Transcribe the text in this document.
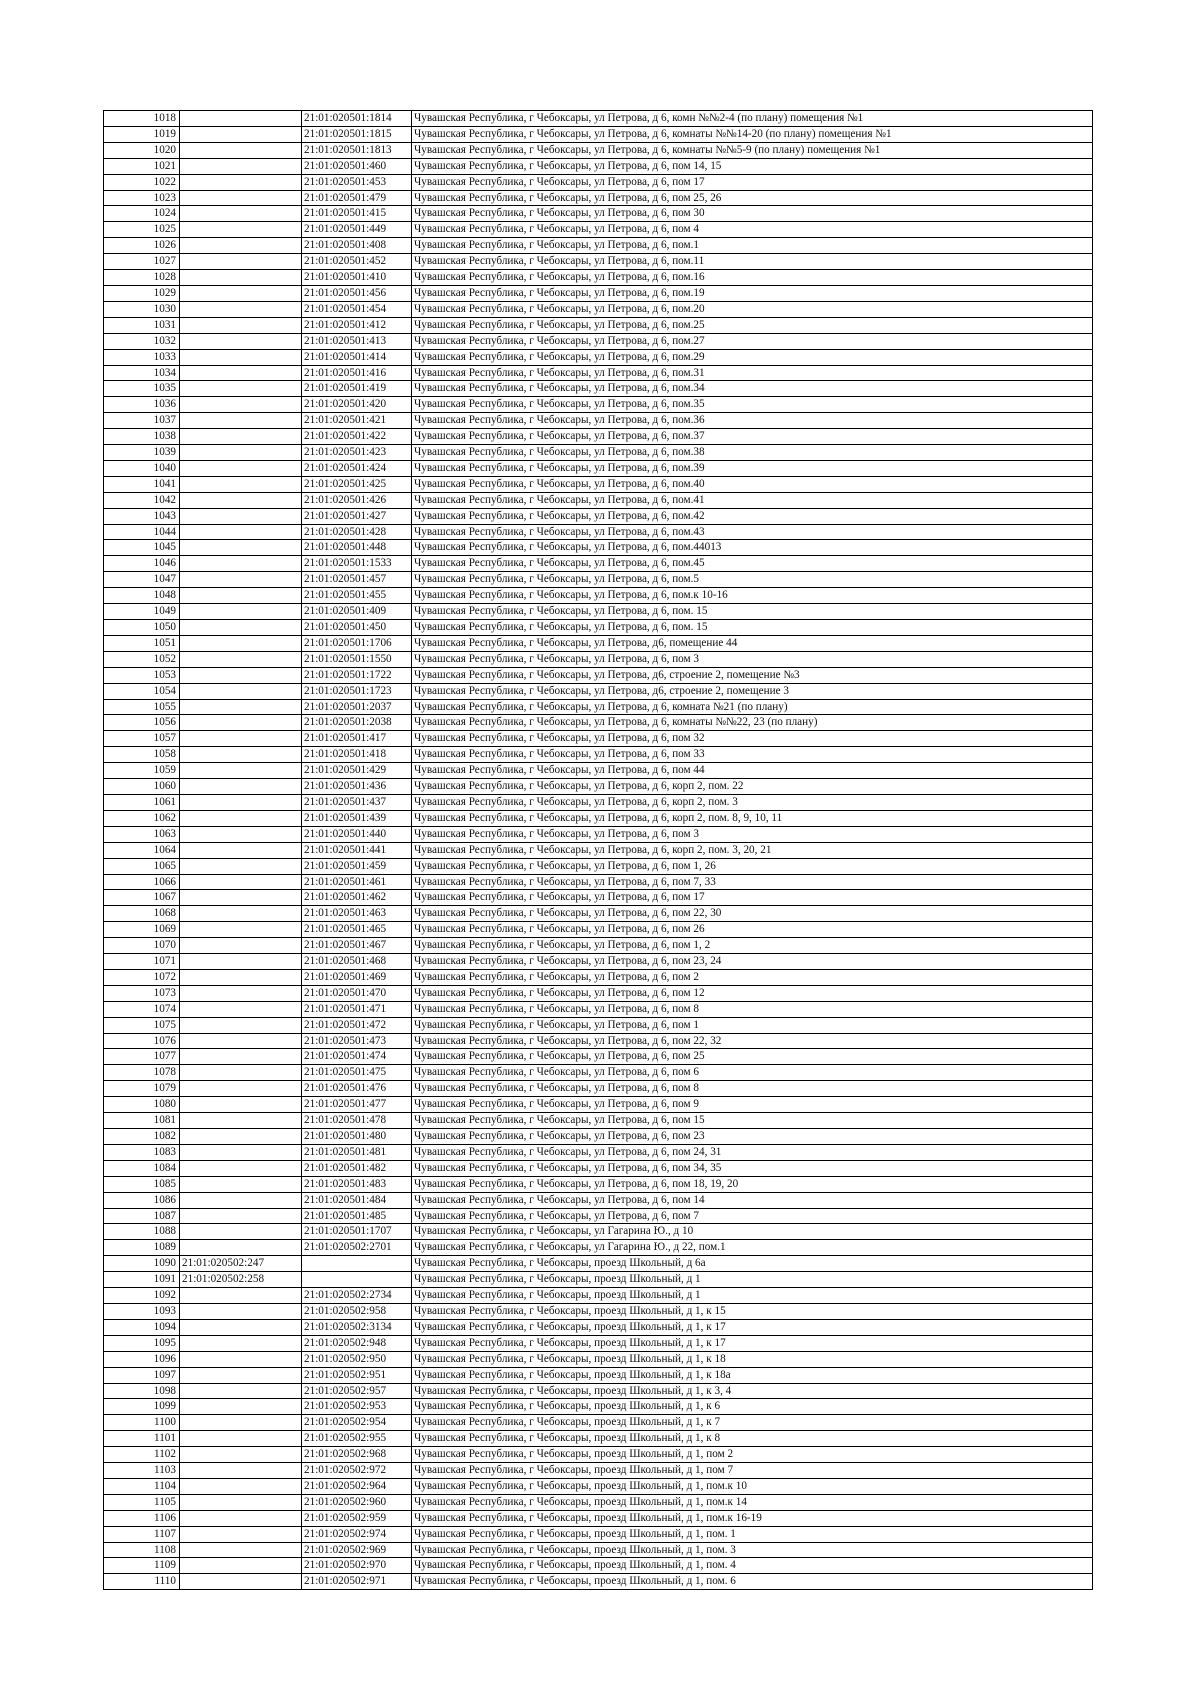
1018		21:01:020501:1814	Чувашская Республика, г Чебоксары, ул Петрова, д 6, комн №№2-4 (по плану) помещения №1
1019		21:01:020501:1815	Чувашская Республика, г Чебоксары, ул Петрова, д 6, комнаты №№14-20 (по плану) помещения №1
1020		21:01:020501:1813	Чувашская Республика, г Чебоксары, ул Петрова, д 6, комнаты №№5-9 (по плану) помещения №1
1021		21:01:020501:460	Чувашская Республика, г Чебоксары, ул Петрова, д 6, пом 14, 15
1022		21:01:020501:453	Чувашская Республика, г Чебоксары, ул Петрова, д 6, пом 17
1023		21:01:020501:479	Чувашская Республика, г Чебоксары, ул Петрова, д 6, пом 25, 26
1024		21:01:020501:415	Чувашская Республика, г Чебоксары, ул Петрова, д 6, пом 30
1025		21:01:020501:449	Чувашская Республика, г Чебоксары, ул Петрова, д 6, пом 4
1026		21:01:020501:408	Чувашская Республика, г Чебоксары, ул Петрова, д 6, пом.1
1027		21:01:020501:452	Чувашская Республика, г Чебоксары, ул Петрова, д 6, пом.11
1028		21:01:020501:410	Чувашская Республика, г Чебоксары, ул Петрова, д 6, пом.16
1029		21:01:020501:456	Чувашская Республика, г Чебоксары, ул Петрова, д 6, пом.19
1030		21:01:020501:454	Чувашская Республика, г Чебоксары, ул Петрова, д 6, пом.20
1031		21:01:020501:412	Чувашская Республика, г Чебоксары, ул Петрова, д 6, пом.25
1032		21:01:020501:413	Чувашская Республика, г Чебоксары, ул Петрова, д 6, пом.27
1033		21:01:020501:414	Чувашская Республика, г Чебоксары, ул Петрова, д 6, пом.29
1034		21:01:020501:416	Чувашская Республика, г Чебоксары, ул Петрова, д 6, пом.31
1035		21:01:020501:419	Чувашская Республика, г Чебоксары, ул Петрова, д 6, пом.34
1036		21:01:020501:420	Чувашская Республика, г Чебоксары, ул Петрова, д 6, пом.35
1037		21:01:020501:421	Чувашская Республика, г Чебоксары, ул Петрова, д 6, пом.36
1038		21:01:020501:422	Чувашская Республика, г Чебоксары, ул Петрова, д 6, пом.37
1039		21:01:020501:423	Чувашская Республика, г Чебоксары, ул Петрова, д 6, пом.38
1040		21:01:020501:424	Чувашская Республика, г Чебоксары, ул Петрова, д 6, пом.39
1041		21:01:020501:425	Чувашская Республика, г Чебоксары, ул Петрова, д 6, пом.40
1042		21:01:020501:426	Чувашская Республика, г Чебоксары, ул Петрова, д 6, пом.41
1043		21:01:020501:427	Чувашская Республика, г Чебоксары, ул Петрова, д 6, пом.42
1044		21:01:020501:428	Чувашская Республика, г Чебоксары, ул Петрова, д 6, пом.43
1045		21:01:020501:448	Чувашская Республика, г Чебоксары, ул Петрова, д 6, пом.44013
1046		21:01:020501:1533	Чувашская Республика, г Чебоксары, ул Петрова, д 6, пом.45
1047		21:01:020501:457	Чувашская Республика, г Чебоксары, ул Петрова, д 6, пом.5
1048		21:01:020501:455	Чувашская Республика, г Чебоксары, ул Петрова, д 6, пом.к 10-16
1049		21:01:020501:409	Чувашская Республика, г Чебоксары, ул Петрова, д 6, пом. 15
1050		21:01:020501:450	Чувашская Республика, г Чебоксары, ул Петрова, д 6, пом. 15
1051		21:01:020501:1706	Чувашская Республика, г Чебоксары, ул Петрова, д6, помещение 44
1052		21:01:020501:1550	Чувашская Республика, г Чебоксары, ул Петрова, д 6, пом 3
1053		21:01:020501:1722	Чувашская Республика, г Чебоксары, ул Петрова, д6, строение 2, помещение №3
1054		21:01:020501:1723	Чувашская Республика, г Чебоксары, ул Петрова, д6, строение 2, помещение 3
1055		21:01:020501:2037	Чувашская Республика, г Чебоксары, ул Петрова, д 6, комната №21 (по плану)
1056		21:01:020501:2038	Чувашская Республика, г Чебоксары, ул Петрова, д 6, комнаты №№22, 23 (по плану)
1057		21:01:020501:417	Чувашская Республика, г Чебоксары, ул Петрова, д 6, пом 32
1058		21:01:020501:418	Чувашская Республика, г Чебоксары, ул Петрова, д 6, пом 33
1059		21:01:020501:429	Чувашская Республика, г Чебоксары, ул Петрова, д 6, пом 44
1060		21:01:020501:436	Чувашская Республика, г Чебоксары, ул Петрова, д 6, корп 2, пом. 22
1061		21:01:020501:437	Чувашская Республика, г Чебоксары, ул Петрова, д 6, корп 2, пом. 3
1062		21:01:020501:439	Чувашская Республика, г Чебоксары, ул Петрова, д 6, корп 2, пом. 8, 9, 10, 11
1063		21:01:020501:440	Чувашская Республика, г Чебоксары, ул Петрова, д 6, пом 3
1064		21:01:020501:441	Чувашская Республика, г Чебоксары, ул Петрова, д 6, корп 2, пом. 3, 20, 21
1065		21:01:020501:459	Чувашская Республика, г Чебоксары, ул Петрова, д 6, пом 1, 26
1066		21:01:020501:461	Чувашская Республика, г Чебоксары, ул Петрова, д 6, пом 7, 33
1067		21:01:020501:462	Чувашская Республика, г Чебоксары, ул Петрова, д 6, пом 17
1068		21:01:020501:463	Чувашская Республика, г Чебоксары, ул Петрова, д 6, пом 22, 30
1069		21:01:020501:465	Чувашская Республика, г Чебоксары, ул Петрова, д 6, пом 26
1070		21:01:020501:467	Чувашская Республика, г Чебоксары, ул Петрова, д 6, пом 1, 2
1071		21:01:020501:468	Чувашская Республика, г Чебоксары, ул Петрова, д 6, пом 23, 24
1072		21:01:020501:469	Чувашская Республика, г Чебоксары, ул Петрова, д 6, пом 2
1073		21:01:020501:470	Чувашская Республика, г Чебоксары, ул Петрова, д 6, пом 12
1074		21:01:020501:471	Чувашская Республика, г Чебоксары, ул Петрова, д 6, пом 8
1075		21:01:020501:472	Чувашская Республика, г Чебоксары, ул Петрова, д 6, пом 1
1076		21:01:020501:473	Чувашская Республика, г Чебоксары, ул Петрова, д 6, пом 22, 32
1077		21:01:020501:474	Чувашская Республика, г Чебоксары, ул Петрова, д 6, пом 25
1078		21:01:020501:475	Чувашская Республика, г Чебоксары, ул Петрова, д 6, пом 6
1079		21:01:020501:476	Чувашская Республика, г Чебоксары, ул Петрова, д 6, пом 8
1080		21:01:020501:477	Чувашская Республика, г Чебоксары, ул Петрова, д 6, пом 9
1081		21:01:020501:478	Чувашская Республика, г Чебоксары, ул Петрова, д 6, пом 15
1082		21:01:020501:480	Чувашская Республика, г Чебоксары, ул Петрова, д 6, пом 23
1083		21:01:020501:481	Чувашская Республика, г Чебоксары, ул Петрова, д 6, пом 24, 31
1084		21:01:020501:482	Чувашская Республика, г Чебоксары, ул Петрова, д 6, пом 34, 35
1085		21:01:020501:483	Чувашская Республика, г Чебоксары, ул Петрова, д 6, пом 18, 19, 20
1086		21:01:020501:484	Чувашская Республика, г Чебоксары, ул Петрова, д 6, пом 14
1087		21:01:020501:485	Чувашская Республика, г Чебоксары, ул Петрова, д 6, пом 7
1088		21:01:020501:1707	Чувашская Республика, г Чебоксары, ул Гагарина Ю., д 10
1089		21:01:020502:2701	Чувашская Республика, г Чебоксары, ул Гагарина Ю., д 22, пом.1
1090	21:01:020502:247		Чувашская Республика, г Чебоксары, проезд Школьный, д 6а
1091	21:01:020502:258		Чувашская Республика, г Чебоксары, проезд Школьный, д 1
1092		21:01:020502:2734	Чувашская Республика, г Чебоксары, проезд Школьный, д 1
1093		21:01:020502:958	Чувашская Республика, г Чебоксары, проезд Школьный, д 1, к 15
1094		21:01:020502:3134	Чувашская Республика, г Чебоксары, проезд Школьный, д 1, к 17
1095		21:01:020502:948	Чувашская Республика, г Чебоксары, проезд Школьный, д 1, к 17
1096		21:01:020502:950	Чувашская Республика, г Чебоксары, проезд Школьный, д 1, к 18
1097		21:01:020502:951	Чувашская Республика, г Чебоксары, проезд Школьный, д 1, к 18а
1098		21:01:020502:957	Чувашская Республика, г Чебоксары, проезд Школьный, д 1, к 3, 4
1099		21:01:020502:953	Чувашская Республика, г Чебоксары, проезд Школьный, д 1, к 6
1100		21:01:020502:954	Чувашская Республика, г Чебоксары, проезд Школьный, д 1, к 7
1101		21:01:020502:955	Чувашская Республика, г Чебоксары, проезд Школьный, д 1, к 8
1102		21:01:020502:968	Чувашская Республика, г Чебоксары, проезд Школьный, д 1, пом 2
1103		21:01:020502:972	Чувашская Республика, г Чебоксары, проезд Школьный, д 1, пом 7
1104		21:01:020502:964	Чувашская Республика, г Чебоксары, проезд Школьный, д 1, пом.к 10
1105		21:01:020502:960	Чувашская Республика, г Чебоксары, проезд Школьный, д 1, пом.к 14
1106		21:01:020502:959	Чувашская Республика, г Чебоксары, проезд Школьный, д 1, пом.к 16-19
1107		21:01:020502:974	Чувашская Республика, г Чебоксары, проезд Школьный, д 1, пом. 1
1108		21:01:020502:969	Чувашская Республика, г Чебоксары, проезд Школьный, д 1, пом. 3
1109		21:01:020502:970	Чувашская Республика, г Чебоксары, проезд Школьный, д 1, пом. 4
1110		21:01:020502:971	Чувашская Республика, г Чебоксары, проезд Школьный, д 1, пом. 6
